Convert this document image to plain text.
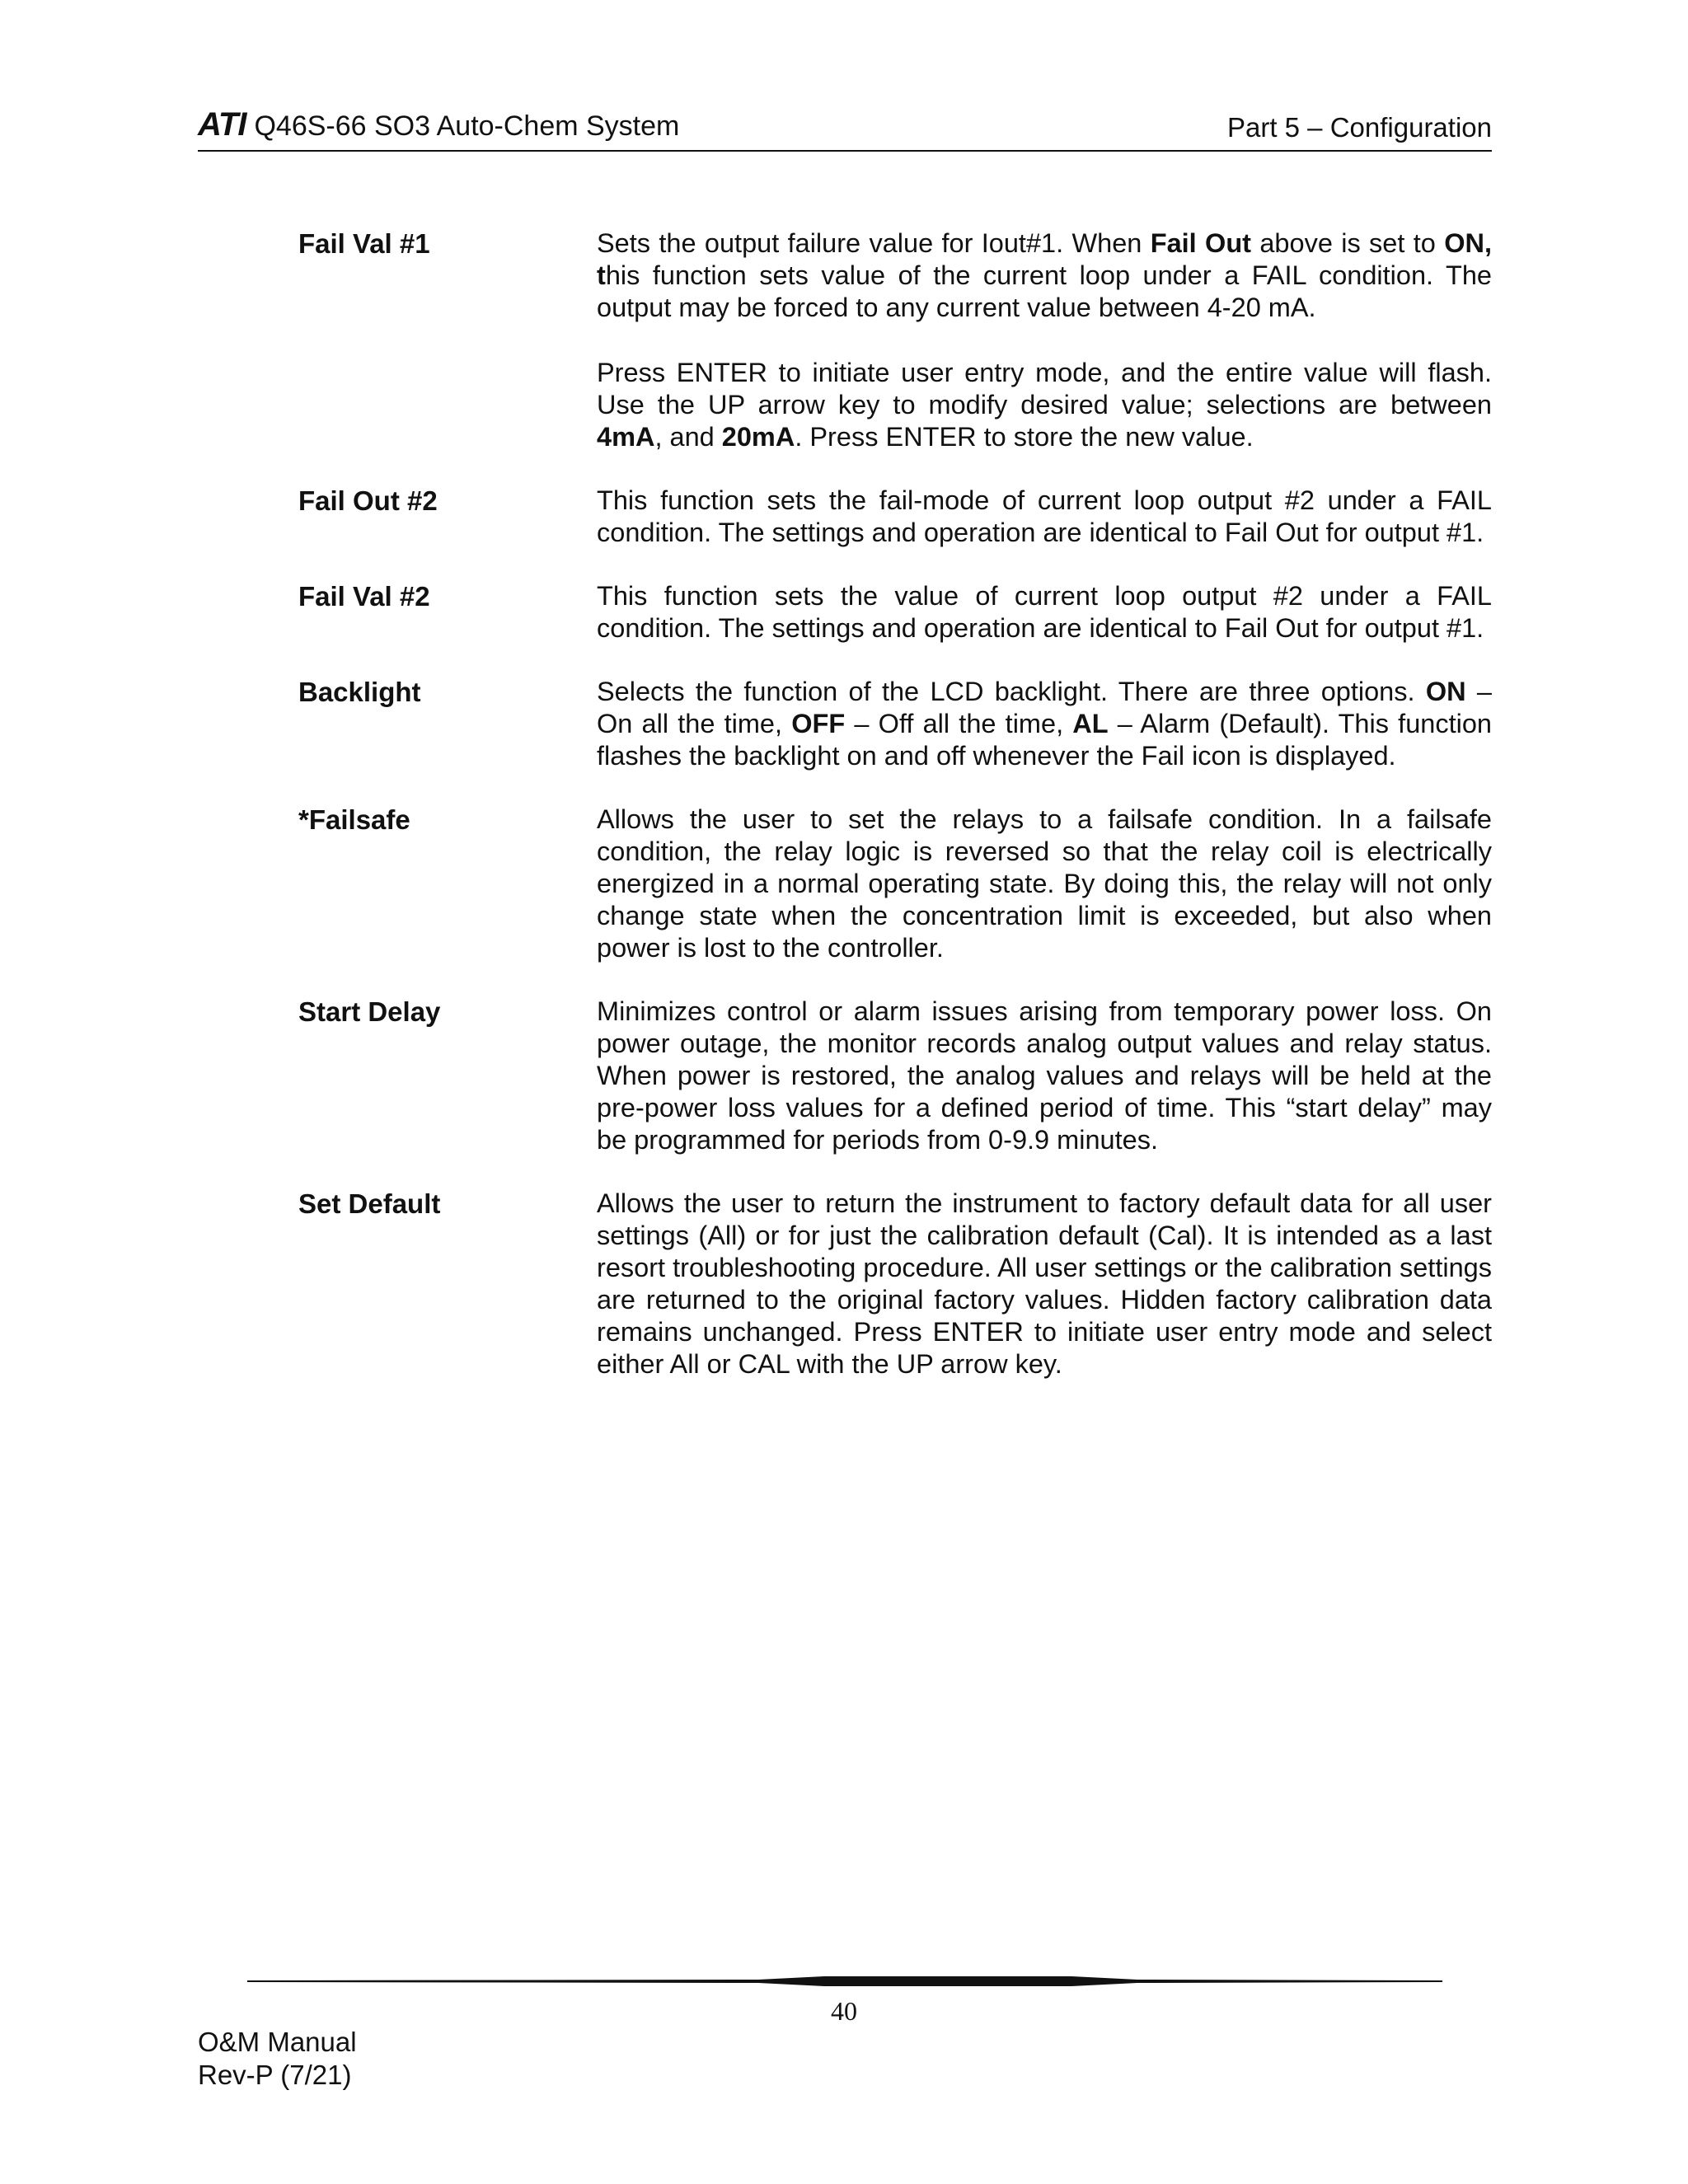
ATI Q46S-66 SO3 Auto-Chem System	Part 5 – Configuration
Fail Val #1	Sets the output failure value for Iout#1. When Fail Out above is set to ON, this function sets value of the current loop under a FAIL condition. The output may be forced to any current value between 4-20 mA.

Press ENTER to initiate user entry mode, and the entire value will flash. Use the UP arrow key to modify desired value; selections are between 4mA, and 20mA. Press ENTER to store the new value.

Fail Out #2	This function sets the fail-mode of current loop output #2 under a FAIL condition. The settings and operation are identical to Fail Out for output #1.

Fail Val #2	This function sets the value of current loop output #2 under a FAIL condition. The settings and operation are identical to Fail Out for output #1.

Backlight	Selects the function of the LCD backlight. There are three options. ON – On all the time, OFF – Off all the time, AL – Alarm (Default). This function flashes the backlight on and off whenever the Fail icon is displayed.

*Failsafe	Allows the user to set the relays to a failsafe condition. In a failsafe condition, the relay logic is reversed so that the relay coil is electrically energized in a normal operating state. By doing this, the relay will not only change state when the concentration limit is exceeded, but also when power is lost to the controller.

Start Delay	Minimizes control or alarm issues arising from temporary power loss. On power outage, the monitor records analog output values and relay status. When power is restored, the analog values and relays will be held at the pre-power loss values for a defined period of time. This “start delay” may be programmed for periods from 0-9.9 minutes.

Set Default	Allows the user to return the instrument to factory default data for all user settings (All) or for just the calibration default (Cal). It is intended as a last resort troubleshooting procedure. All user settings or the calibration settings are returned to the original factory values. Hidden factory calibration data remains unchanged. Press ENTER to initiate user entry mode and select either All or CAL with the UP arrow key.

40
O&M Manual
Rev-P (7/21)
